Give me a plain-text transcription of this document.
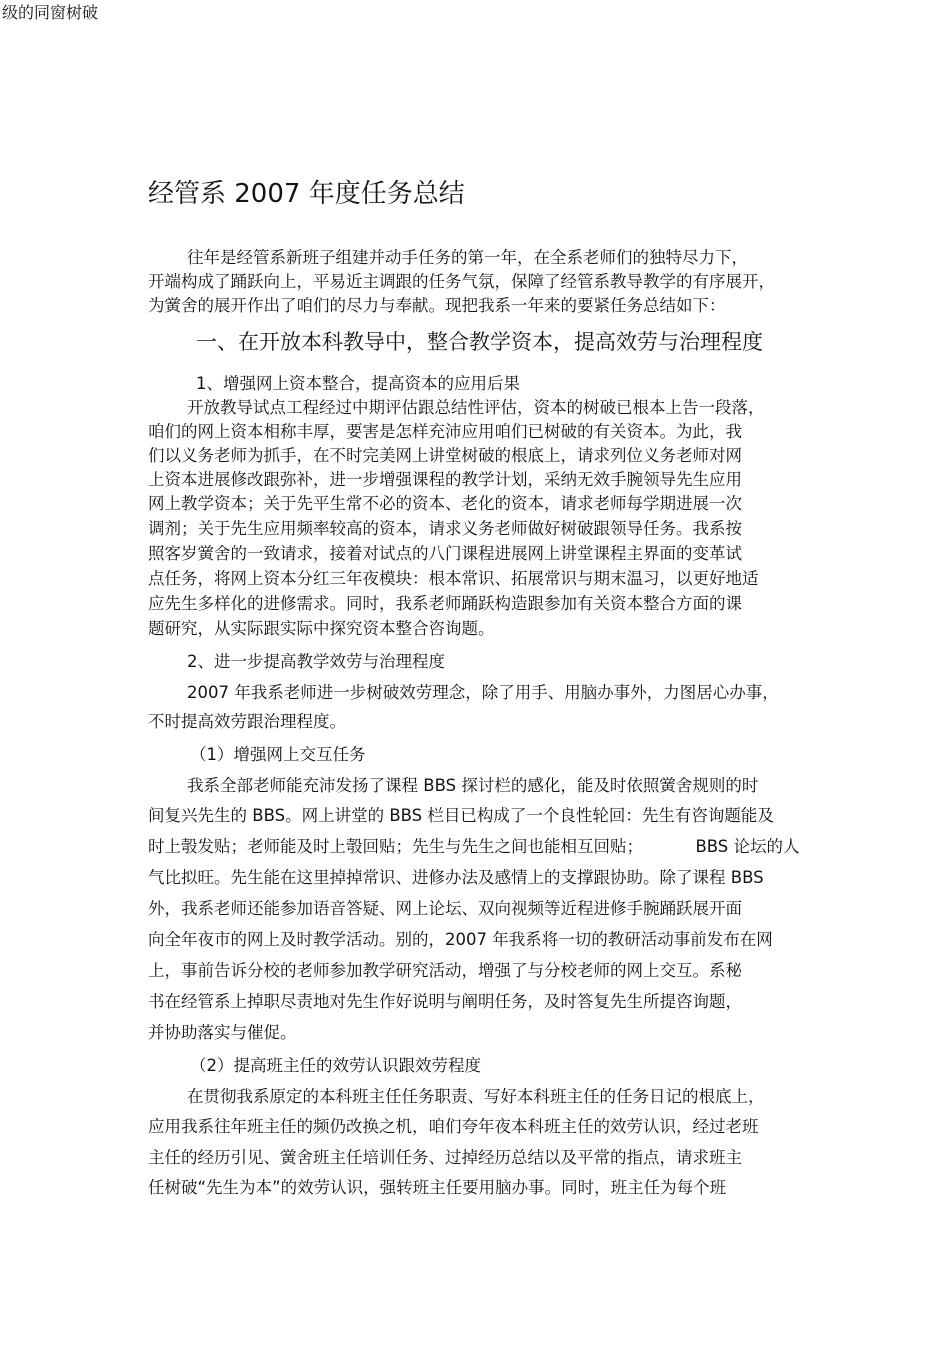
级的同窗树破
经管系 2007 年度任务总结
往年是经管系新班子组建并动手任务的第一年，在全系老师们的独特尽力下，
开端构成了踊跃向上，平易近主调跟的任务气氛，保障了经管系教导教学的有序展开，
为黉舍的展开作出了咱们的尽力与奉献。现把我系一年来的要紧任务总结如下：
一、在开放本科教导中，整合教学资本，提高效劳与治理程度
1、增强网上资本整合，提高资本的应用后果
开放教导试点工程经过中期评估跟总结性评估，资本的树破已根本上告一段落，
咱们的网上资本相称丰厚，要害是怎样充沛应用咱们已树破的有关资本。为此，我
们以义务老师为抓手，在不时完美网上讲堂树破的根底上，请求列位义务老师对网
上资本进展修改跟弥补，进一步增强课程的教学计划，采纳无效手腕领导先生应用
网上教学资本；关于先平生常不必的资本、老化的资本，请求老师每学期进展一次
调剂；关于先生应用频率较高的资本，请求义务老师做好树破跟领导任务。我系按
照客岁黉舍的一致请求，接着对试点的八门课程进展网上讲堂课程主界面的变革试
点任务，将网上资本分红三年夜模块：根本常识、拓展常识与期末温习，以更好地适
应先生多样化的进修需求。同时，我系老师踊跃构造跟参加有关资本整合方面的课
题研究，从实际跟实际中探究资本整合咨询题。
2、进一步提高教学效劳与治理程度
2007 年我系老师进一步树破效劳理念，除了用手、用脑办事外，力图居心办事，
不时提高效劳跟治理程度。
（1）增强网上交互任务
我系全部老师能充沛发扬了课程 BBS 探讨栏的感化，能及时依照黉舍规则的时
间复兴先生的 BBS。网上讲堂的 BBS 栏目已构成了一个良性轮回：先生有咨询题能及
时上彀发贴；老师能及时上彀回贴；先生与先生之间也能相互回贴；          BBS 论坛的人
气比拟旺。先生能在这里掉掉常识、进修办法及感情上的支撑跟协助。除了课程 BBS
外，我系老师还能参加语音答疑、网上论坛、双向视频等近程进修手腕踊跃展开面
向全年夜市的网上及时教学活动。别的，2007 年我系将一切的教研活动事前发布在网
上，事前告诉分校的老师参加教学研究活动，增强了与分校老师的网上交互。系秘
书在经管系上掉职尽责地对先生作好说明与阐明任务，及时答复先生所提咨询题，
并协助落实与催促。
（2）提高班主任的效劳认识跟效劳程度
在贯彻我系原定的本科班主任任务职责、写好本科班主任的任务日记的根底上，
应用我系往年班主任的频仍改换之机，咱们夸年夜本科班主任的效劳认识，经过老班
主任的经历引见、黉舍班主任培训任务、过掉经历总结以及平常的指点，请求班主
任树破“先生为本”的效劳认识，强转班主任要用脑办事。同时，班主任为每个班
